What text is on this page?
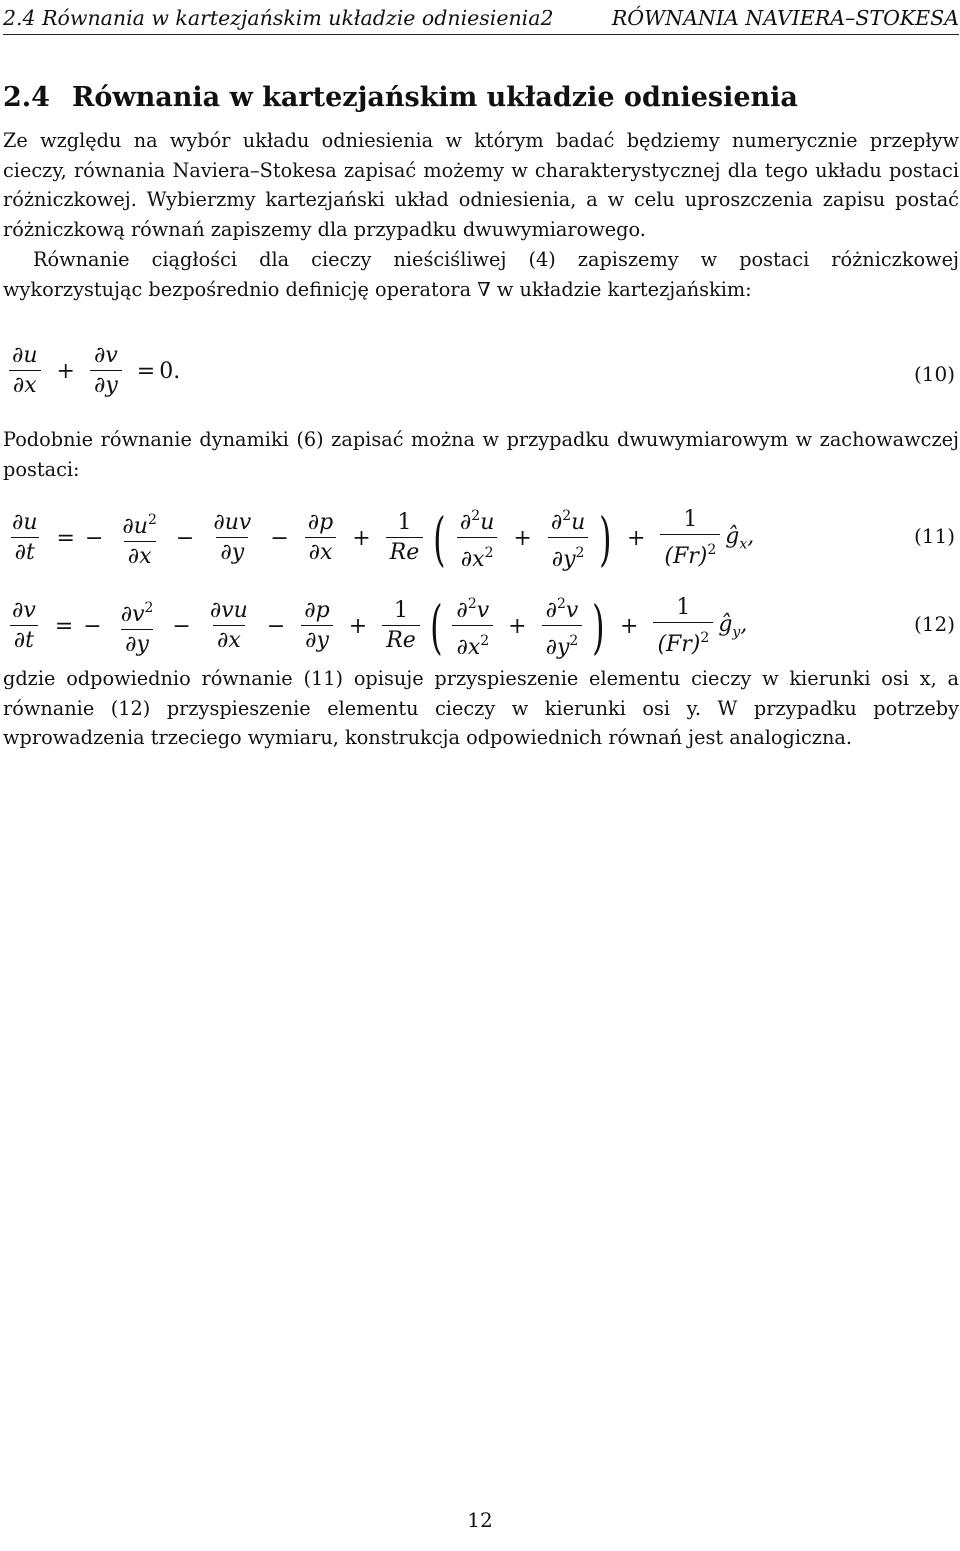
2.4 Równania w kartezjańskim układzie odniesienia2	RÓWNANIA NAVIERA–STOKESA
2.4 Równania w kartezjańskim układzie odniesienia

Ze względu na wybór układu odniesienia w którym badać będziemy numerycznie przepływ cieczy, równania Naviera–Stokesa zapisać możemy w charakterystycznej dla tego układu postaci różniczkowej. Wybierzmy kartezjański układ odniesienia, a w celu uproszczenia zapisu postać różniczkową równań zapiszemy dla przypadku dwuwymiarowego.

Równanie ciągłości dla cieczy nieściśliwej (4) zapiszemy w postaci różniczkowej wykorzystując bezpośrednio definicję operatora ∇ w układzie kartezjańskim:

$\frac{\partial u}{\partial x} + \frac{\partial v}{\partial y} = 0$.	(10)

Podobnie równanie dynamiki (6) zapisać można w przypadku dwuwymiarowym w zachowawczej postaci:

$\frac{\partial u}{\partial t}$ = − $\frac{\partial u^2}{\partial x} - \frac{\partial uv}{\partial y} - \frac{\partial p}{\partial x} + \frac{1}{Re}$ ( $\frac{\partial^2u}{\partial x^2} + \frac{\partial^2u}{\partial y^2}$ ) + $\frac{1}{(Fr)^2}$ $ĝ_x$,	(11)
$\frac{\partial v}{\partial t}$ = − $\frac{\partial v^2}{\partial y} - \frac{\partial vu}{\partial x} - \frac{\partial p}{\partial y} + \frac{1}{Re}$ ( $\frac{\partial^2v}{\partial x^2} + \frac{\partial^2v}{\partial y^2}$ ) + $\frac{1}{(Fr)^2}$ $ĝ_y$,	(12)

gdzie odpowiednio równanie (11) opisuje przyspieszenie elementu cieczy w kierunki osi x, a równanie (12) przyspieszenie elementu cieczy w kierunki osi y. W przypadku potrzeby wprowadzenia trzeciego wymiaru, konstrukcja odpowiednich równań jest analogiczna.

12
